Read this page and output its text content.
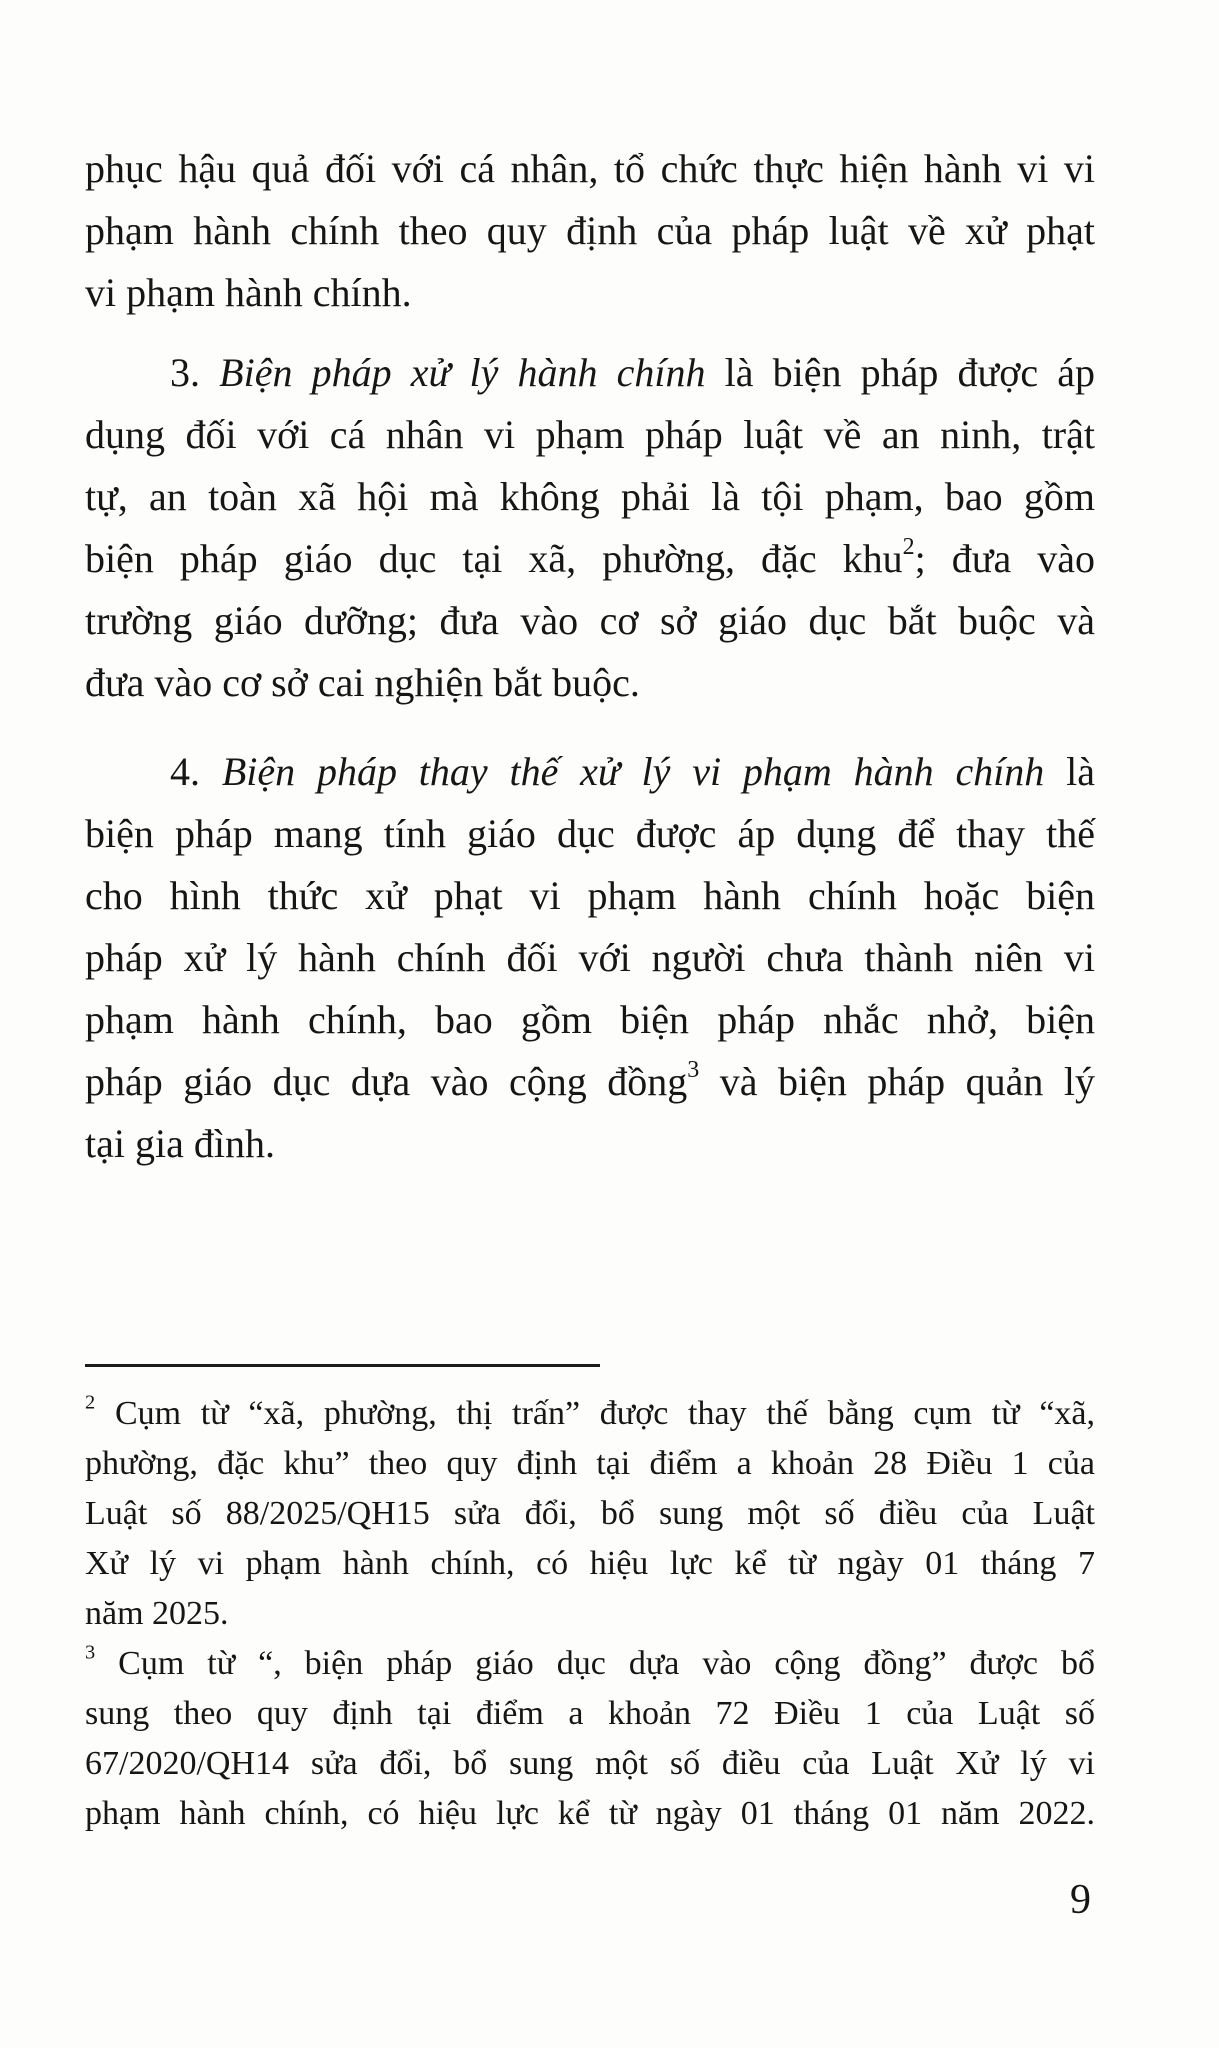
phục hậu quả đối với cá nhân, tổ chức thực hiện hành vi vi
phạm hành chính theo quy định của pháp luật về xử phạt
vi phạm hành chính.
3. Biện pháp xử lý hành chính là biện pháp được áp
dụng đối với cá nhân vi phạm pháp luật về an ninh, trật
tự, an toàn xã hội mà không phải là tội phạm, bao gồm
biện pháp giáo dục tại xã, phường, đặc khu$^2$; đưa vào
trường giáo dưỡng; đưa vào cơ sở giáo dục bắt buộc và
đưa vào cơ sở cai nghiện bắt buộc.
4. Biện pháp thay thế xử lý vi phạm hành chính là
biện pháp mang tính giáo dục được áp dụng để thay thế
cho hình thức xử phạt vi phạm hành chính hoặc biện
pháp xử lý hành chính đối với người chưa thành niên vi
phạm hành chính, bao gồm biện pháp nhắc nhở, biện
pháp giáo dục dựa vào cộng đồng$^3$ và biện pháp quản lý
tại gia đình.
$^2$ Cụm từ “xã, phường, thị trấn” được thay thế bằng cụm từ “xã,
phường, đặc khu” theo quy định tại điểm a khoản 28 Điều 1 của
Luật số 88/2025/QH15 sửa đổi, bổ sung một số điều của Luật
Xử lý vi phạm hành chính, có hiệu lực kể từ ngày 01 tháng 7
năm 2025.
$^3$ Cụm từ “, biện pháp giáo dục dựa vào cộng đồng” được bổ
sung theo quy định tại điểm a khoản 72 Điều 1 của Luật số
67/2020/QH14 sửa đổi, bổ sung một số điều của Luật Xử lý vi
phạm hành chính, có hiệu lực kể từ ngày 01 tháng 01 năm 2022.
9
